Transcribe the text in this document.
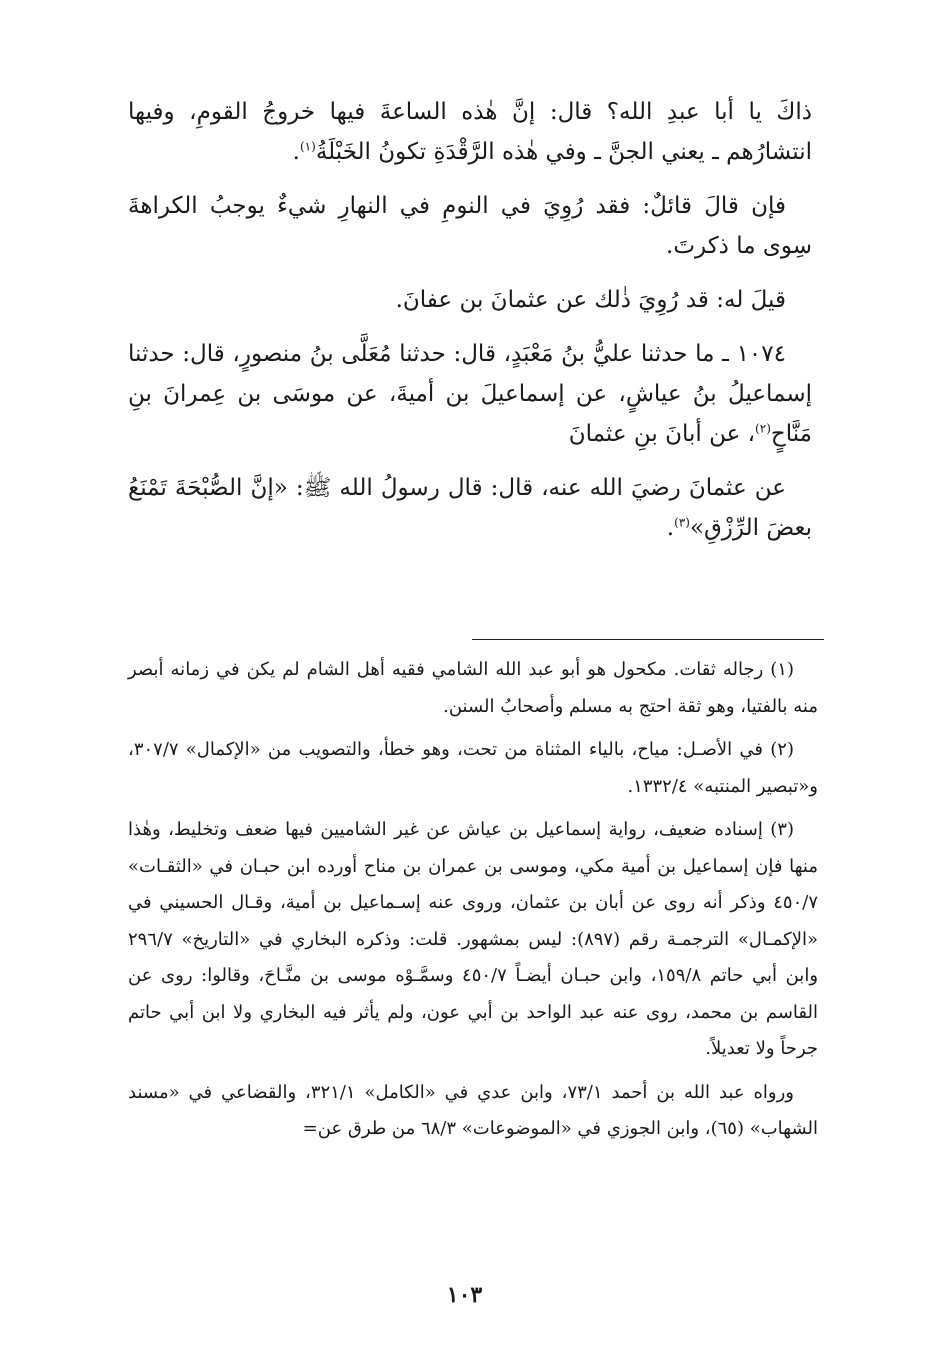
ذاكَ يا أبا عبدِ الله؟ قال: إنَّ هٰذه الساعةَ فيها خروجُ القومِ، وفيها انتشارُهم ـ يعني الجنَّ ـ وفي هٰذه الرَّقْدَةِ تكونُ الخَبْلَةُ$^{(١)}$.

فإن قالَ قائلٌ: فقد رُوِيَ في النومِ في النهارِ شيءٌ يوجبُ الكراهةَ سِوى ما ذكرتَ.

قيلَ له: قد رُوِيَ ذٰلك عن عثمانَ بن عفانَ.

١٠٧٤ ـ ما حدثنا عليُّ بنُ مَعْبَدٍ، قال: حدثنا مُعَلَّى بنُ منصورٍ، قال: حدثنا إسماعيلُ بنُ عياشٍ، عن إسماعيلَ بن أميةَ، عن موسَى بن عِمرانَ بنِ مَنَّاحٍ$^{(٢)}$، عن أبانَ بنِ عثمانَ

عن عثمانَ رضيَ الله عنه، قال: قال رسولُ الله ﷺ: «إنَّ الصُّبْحَةَ تَمْنَعُ بعضَ الرِّزْقِ»$^{(٣)}$.

(١) رجاله ثقات. مكحول هو أبو عبد الله الشامي فقيه أهل الشام لم يكن في زمانه أبصر منه بالفتيا، وهو ثقة احتج به مسلم وأصحابُ السنن.

(٢) في الأصـل: مياح، بالياء المثناة من تحت، وهو خطأ، والتصويب من «الإكمال» ٣٠٧/٧، و«تبصير المنتبه» ١٣٣٢/٤.

(٣) إسناده ضعيف، رواية إسماعيل بن عياش عن غير الشاميين فيها ضعف وتخليط، وهٰذا منها فإن إسماعيل بن أمية مكي، وموسى بن عمران بن مناح أورده ابن حبـان في «الثقـات» ٤٥٠/٧ وذكر أنه روى عن أبان بن عثمان، وروى عنه إسـماعيل بن أمية، وقـال الحسيني في «الإكمـال» الترجمـة رقم (٨٩٧): ليس بمشهور. قلت: وذكره البخاري في «التاريخ» ٢٩٦/٧ وابن أبي حاتم ١٥٩/٨، وابن حبـان أيضـاً ٤٥٠/٧ وسمَّـوْه موسى بن منَّـاحَ، وقالوا: روى عن القاسم بن محمد، روى عنه عبد الواحد بن أبي عون، ولم يأثر فيه البخاري ولا ابن أبي حاتم جرحاً ولا تعديلاً.

ورواه عبد الله بن أحمد ٧٣/١، وابن عدي في «الكامل» ٣٢١/١، والقضاعي في «مسند الشهاب» (٦٥)، وابن الجوزي في «الموضوعات» ٦٨/٣ من طرق عن=

١٠٣
